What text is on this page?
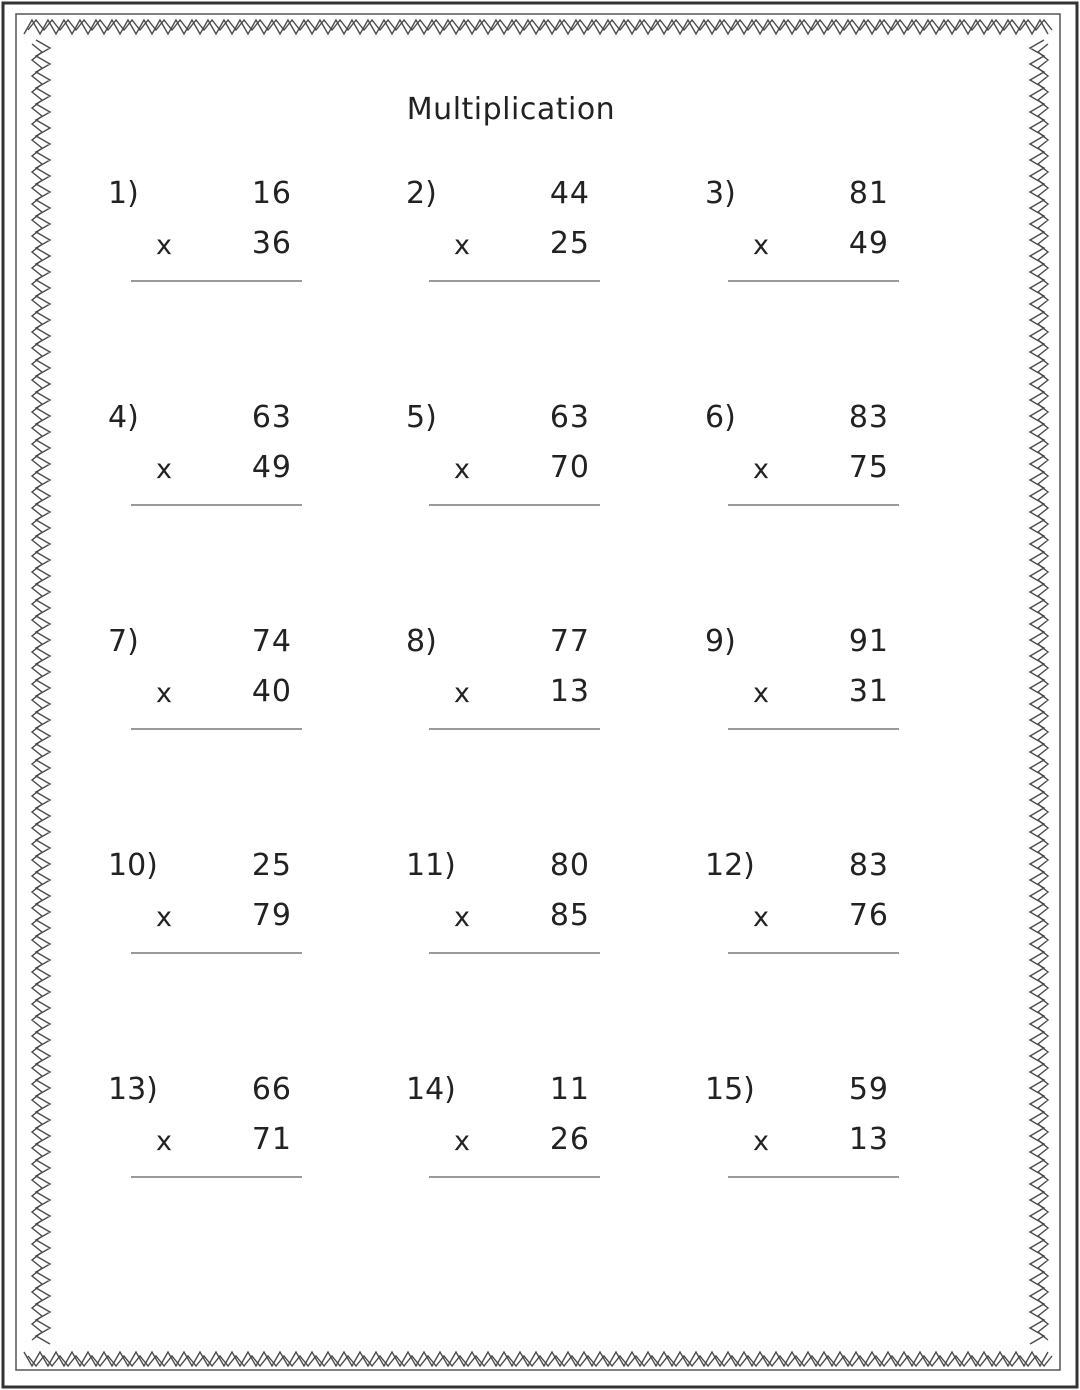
Multiplication
1)	16
x	36
2)	44
x	25
3)	81
x	49
4)	63
x	49
5)	63
x	70
6)	83
x	75
7)	74
x	40
8)	77
x	13
9)	91
x	31
10)	25
x	79
11)	80
x	85
12)	83
x	76
13)	66
x	71
14)	11
x	26
15)	59
x	13
